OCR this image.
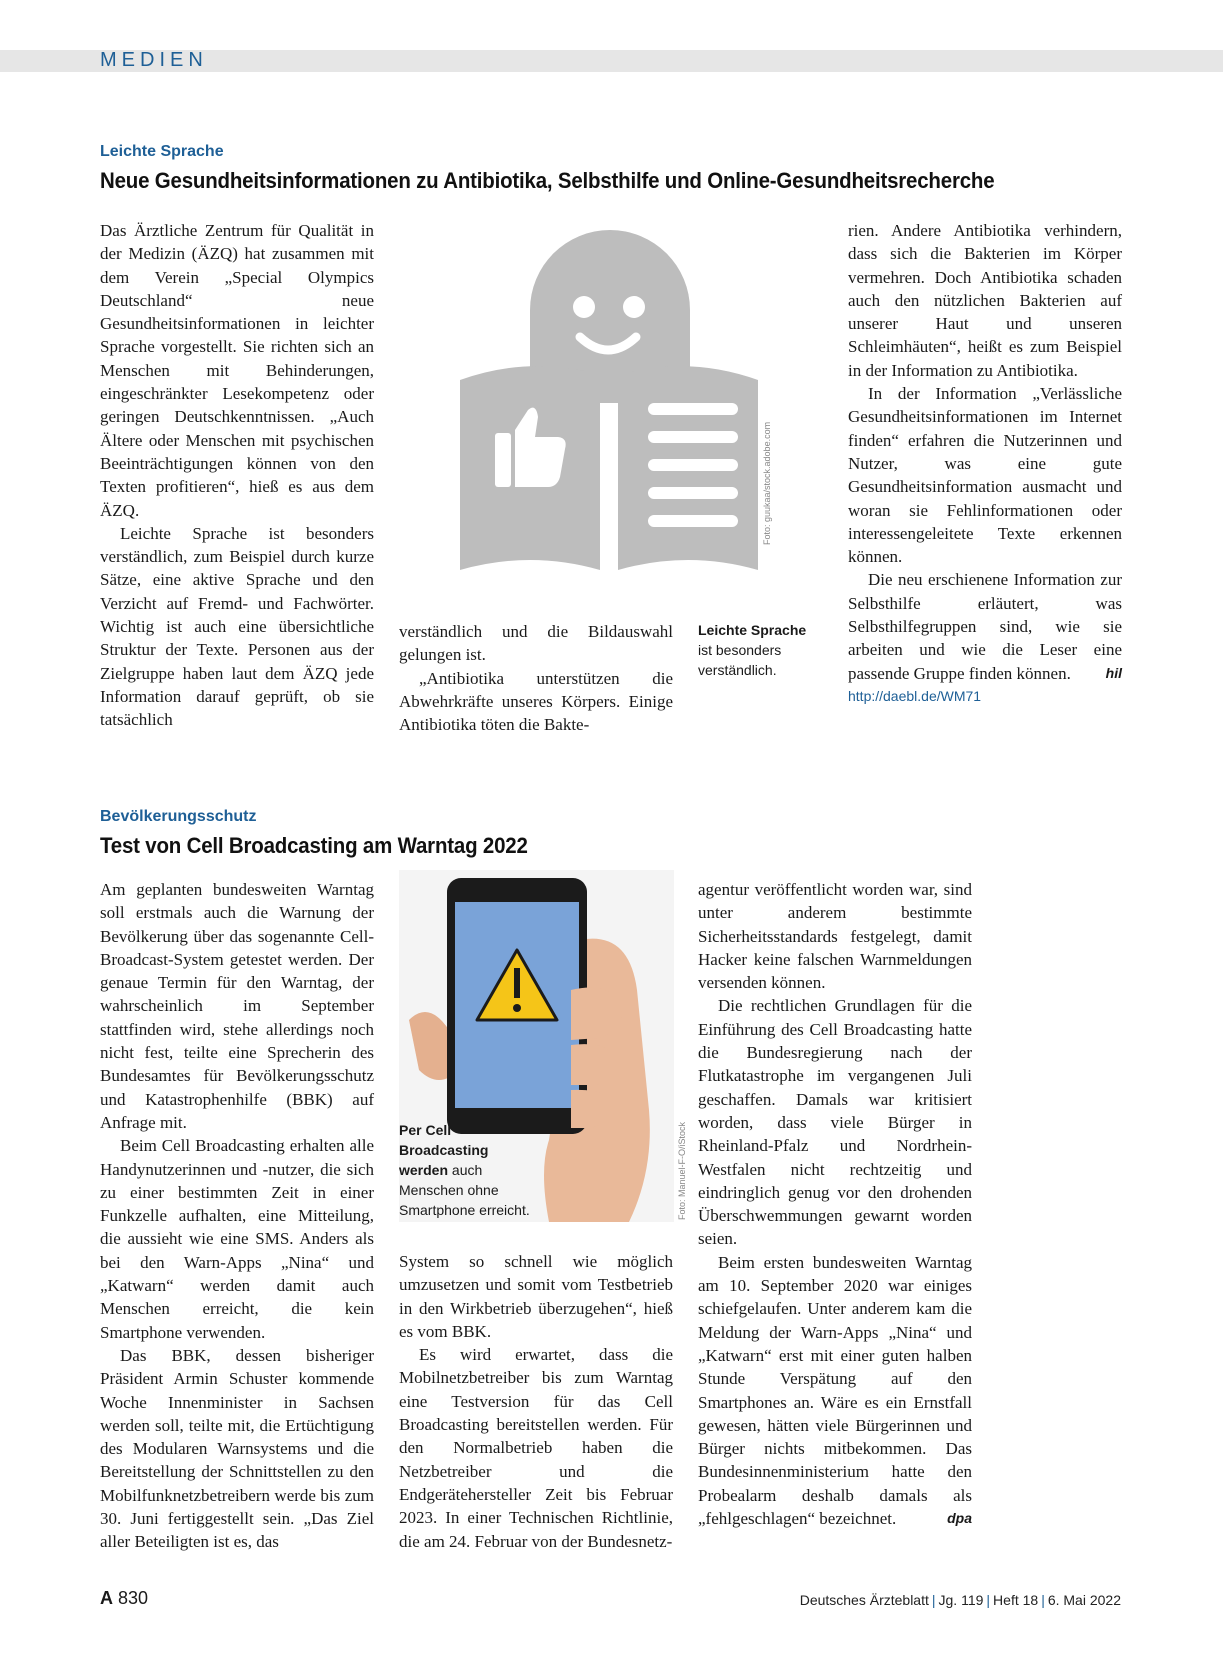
MEDIEN
Leichte Sprache
Neue Gesundheitsinformationen zu Antibiotika, Selbsthilfe und Online-Gesundheitsrecherche

Das Ärztliche Zentrum für Qualität in der Medizin (ÄZQ) hat zusammen mit dem Verein „Special Olympics Deutschland“ neue Gesundheitsinformationen in leichter Sprache vorgestellt. Sie richten sich an Menschen mit Behinderungen, eingeschränkter Lesekompetenz oder geringen Deutschkenntnissen. „Auch Ältere oder Menschen mit psychischen Beeinträchtigungen können von den Texten profitieren“, hieß es aus dem ÄZQ.

Leichte Sprache ist besonders verständlich, zum Beispiel durch kurze Sätze, eine aktive Sprache und den Verzicht auf Fremd- und Fachwörter. Wichtig ist auch eine übersichtliche Struktur der Texte. Personen aus der Zielgruppe haben laut dem ÄZQ jede Information darauf geprüft, ob sie tatsächlich

Foto: guukaa/stock.adobe.com

verständlich und die Bildauswahl gelungen ist.

„Antibiotika unterstützen die Abwehrkräfte unseres Körpers. Einige Antibiotika töten die Bakte-

Leichte Sprache
ist besonders verständlich.

rien. Andere Antibiotika verhindern, dass sich die Bakterien im Körper vermehren. Doch Antibiotika schaden auch den nützlichen Bakterien auf unserer Haut und unseren Schleimhäuten“, heißt es zum Beispiel in der Information zu Antibiotika.

In der Information „Verlässliche Gesundheitsinformationen im Internet finden“ erfahren die Nutzerinnen und Nutzer, was eine gute Gesundheitsinformation ausmacht und woran sie Fehlinformationen oder interessengeleitete Texte erkennen können.

Die neu erschienene Information zur Selbsthilfe erläutert, was Selbsthilfegruppen sind, wie sie arbeiten und wie die Leser eine passende Gruppe finden können.	hil

http://daebl.de/WM71
Bevölkerungsschutz
Test von Cell Broadcasting am Warntag 2022

Am geplanten bundesweiten Warntag soll erstmals auch die Warnung der Bevölkerung über das sogenannte Cell-Broadcast-System getestet werden. Der genaue Termin für den Warntag, der wahrscheinlich im September stattfinden wird, stehe allerdings noch nicht fest, teilte eine Sprecherin des Bundesamtes für Bevölkerungsschutz und Katastrophenhilfe (BBK) auf Anfrage mit.

Beim Cell Broadcasting erhalten alle Handynutzerinnen und -nutzer, die sich zu einer bestimmten Zeit in einer Funkzelle aufhalten, eine Mitteilung, die aussieht wie eine SMS. Anders als bei den Warn-Apps „Nina“ und „Katwarn“ werden damit auch Menschen erreicht, die kein Smartphone verwenden.

Das BBK, dessen bisheriger Präsident Armin Schuster kommende Woche Innenminister in Sachsen werden soll, teilte mit, die Ertüchtigung des Modularen Warnsystems und die Bereitstellung der Schnittstellen zu den Mobilfunknetzbetreibern werde bis zum 30. Juni fertiggestellt sein. „Das Ziel aller Beteiligten ist es, das

Per Cell Broadcasting werden auch Menschen ohne Smartphone erreicht.	Foto: Manuel-F-O/iStock

System so schnell wie möglich umzusetzen und somit vom Testbetrieb in den Wirkbetrieb überzugehen“, hieß es vom BBK.

Es wird erwartet, dass die Mobilnetzbetreiber bis zum Warntag eine Testversion für das Cell Broadcasting bereitstellen werden. Für den Normalbetrieb haben die Netzbetreiber und die Endgerätehersteller Zeit bis Februar 2023. In einer Technischen Richtlinie, die am 24. Februar von der Bundesnetz-

agentur veröffentlicht worden war, sind unter anderem bestimmte Sicherheitsstandards festgelegt, damit Hacker keine falschen Warnmeldungen versenden können.

Die rechtlichen Grundlagen für die Einführung des Cell Broadcasting hatte die Bundesregierung nach der Flutkatastrophe im vergangenen Juli geschaffen. Damals war kritisiert worden, dass viele Bürger in Rheinland-Pfalz und Nordrhein-Westfalen nicht rechtzeitig und eindringlich genug vor den drohenden Überschwemmungen gewarnt worden seien.

Beim ersten bundesweiten Warntag am 10. September 2020 war einiges schiefgelaufen. Unter anderem kam die Meldung der Warn-Apps „Nina“ und „Katwarn“ erst mit einer guten halben Stunde Verspätung auf den Smartphones an. Wäre es ein Ernstfall gewesen, hätten viele Bürgerinnen und Bürger nichts mitbekommen. Das Bundesinnenministerium hatte den Probealarm deshalb damals als „fehlgeschlagen“ bezeichnet.	dpa

A 830	Deutsches Ärzteblatt | Jg. 119 | Heft 18 | 6. Mai 2022
